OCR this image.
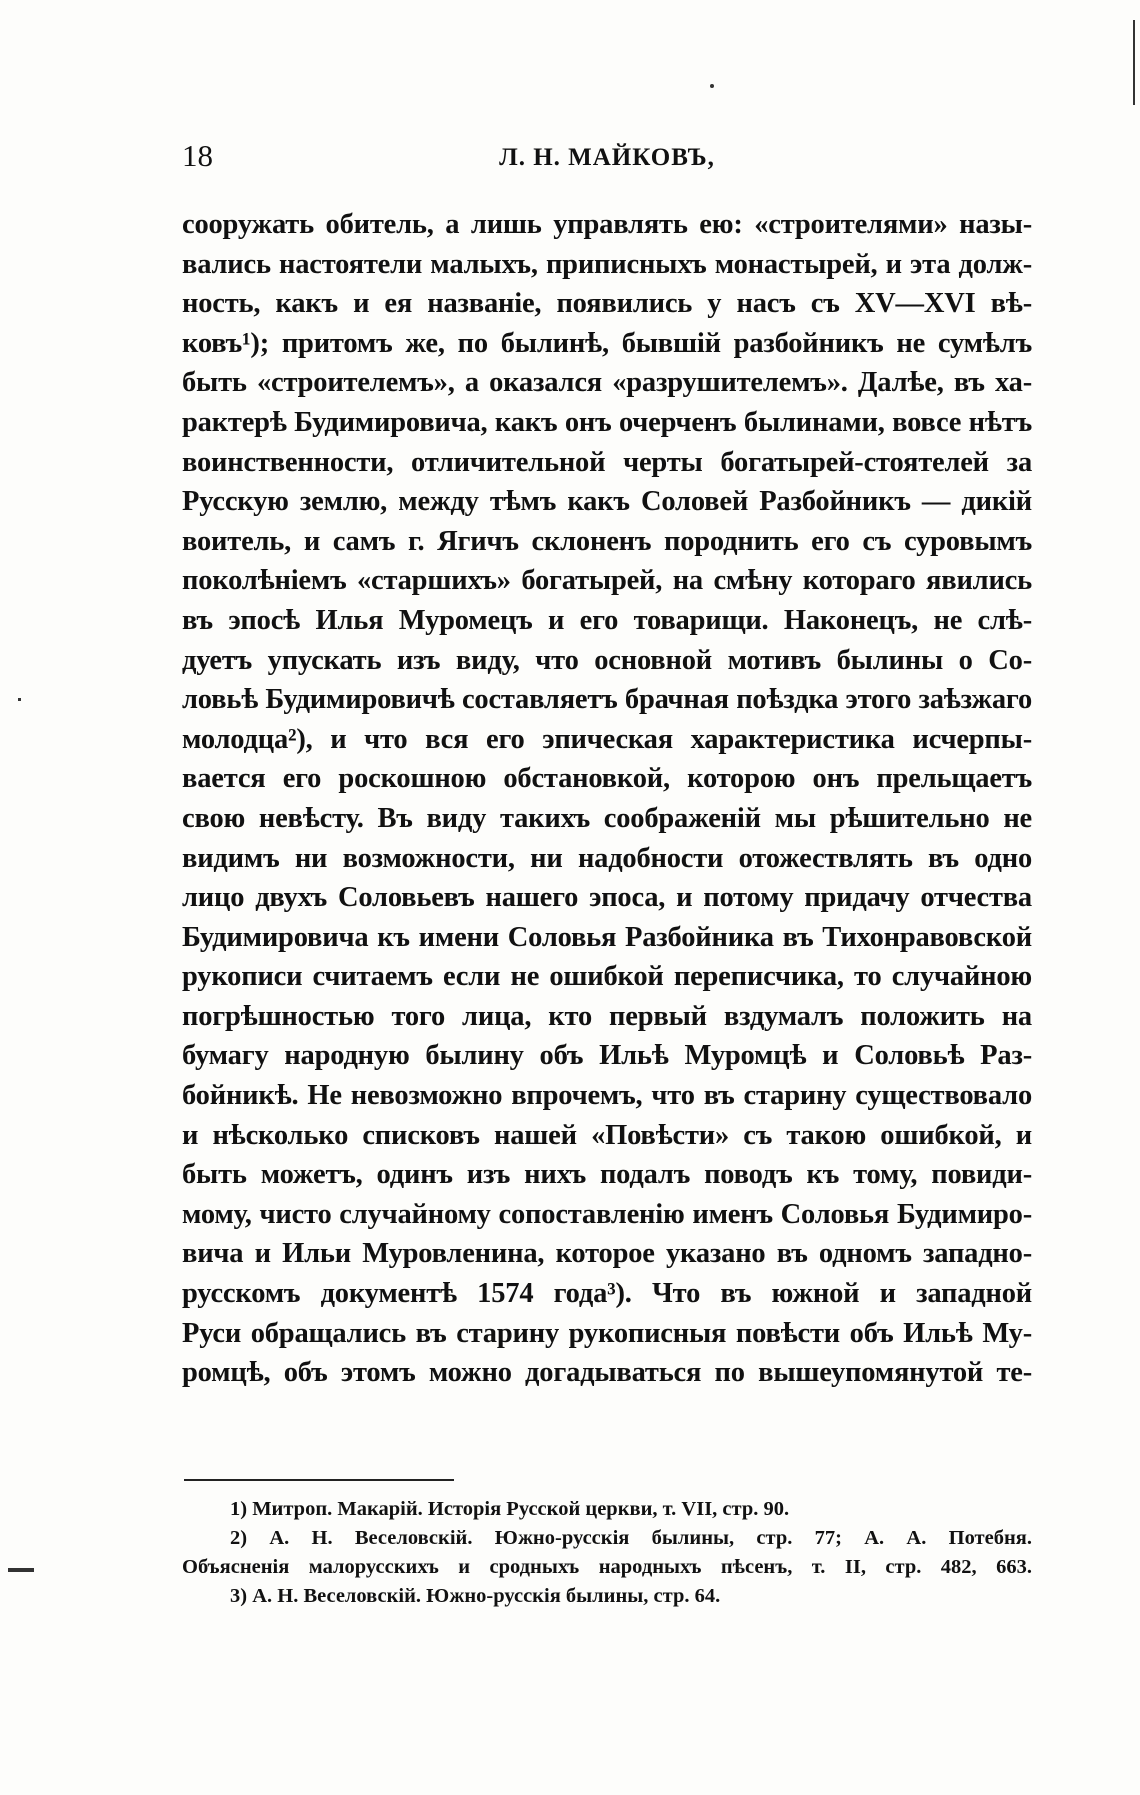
18	Л. Н. МАЙКОВЪ,
сооружать обитель, а лишь управлять ею: «строителями» назы-
вались настоятели малыхъ, приписныхъ монастырей, и эта долж-
ность, какъ и ея названіе, появились у насъ съ XV—XVI вѣ-
ковъ¹); притомъ же, по былинѣ, бывшій разбойникъ не сумѣлъ
быть «строителемъ», а оказался «разрушителемъ». Далѣе, въ ха-
рактерѣ Будимировича, какъ онъ очерченъ былинами, вовсе нѣтъ
воинственности, отличительной черты богатырей-стоятелей за
Русскую землю, между тѣмъ какъ Соловей Разбойникъ — дикій
воитель, и самъ г. Ягичъ склоненъ породнить его съ суровымъ
поколѣніемъ «старшихъ» богатырей, на смѣну котораго явились
въ эпосѣ Илья Муромецъ и его товарищи. Наконецъ, не слѣ-
дуетъ упускать изъ виду, что основной мотивъ былины о Со-
ловьѣ Будимировичѣ составляетъ брачная поѣздка этого заѣзжаго
молодца²), и что вся его эпическая характеристика исчерпы-
вается его роскошною обстановкой, которою онъ прельщаетъ
свою невѣсту. Въ виду такихъ соображеній мы рѣшительно не
видимъ ни возможности, ни надобности отожествлять въ одно
лицо двухъ Соловьевъ нашего эпоса, и потому придачу отчества
Будимировича къ имени Соловья Разбойника въ Тихонравовской
рукописи считаемъ если не ошибкой переписчика, то случайною
погрѣшностью того лица, кто первый вздумалъ положить на
бумагу народную былину объ Ильѣ Муромцѣ и Соловьѣ Раз-
бойникѣ. Не невозможно впрочемъ, что въ старину существовало
и нѣсколько списковъ нашей «Повѣсти» съ такою ошибкой, и
быть можетъ, одинъ изъ нихъ подалъ поводъ къ тому, повиди-
мому, чисто случайному сопоставленію именъ Соловья Будимиро-
вича и Ильи Муровленина, которое указано въ одномъ западно-
русскомъ документѣ 1574 года³). Что въ южной и западной
Руси обращались въ старину рукописныя повѣсти объ Ильѣ Му-
ромцѣ, объ этомъ можно догадываться по вышеупомянутой те-
1) Митроп. Макарій. Исторія Русской церкви, т. VII, стр. 90.
2) А. Н. Веселовскій. Южно-русскія былины, стр. 77; А. А. Потебня.
Объясненія малорусскихъ и сродныхъ народныхъ пѣсенъ, т. II, стр. 482, 663.
3) А. Н. Веселовскій. Южно-русскія былины, стр. 64.
